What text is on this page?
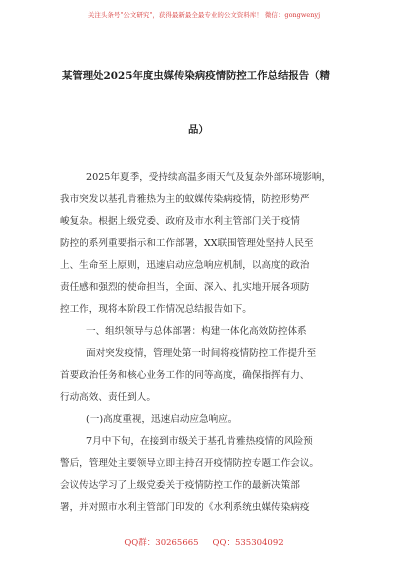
关注头条号"公文研究"，获得最新最全最专业的公文资料库！ 微信：gongwenyj
某管理处2025年度虫媒传染病疫情防控工作总结报告（精
品）
2025年夏季，受持续高温多雨天气及复杂外部环境影响，
我市突发以基孔肯雅热为主的蚊媒传染病疫情，防控形势严
峻复杂。根据上级党委、政府及市水利主管部门关于疫情
防控的系列重要指示和工作部署，XX联围管理处坚持人民至
上、生命至上原则，迅速启动应急响应机制，以高度的政治
责任感和强烈的使命担当，全面、深入、扎实地开展各项防
控工作，现将本阶段工作情况总结报告如下。
一、组织领导与总体部署：构建一体化高效防控体系
面对突发疫情，管理处第一时间将疫情防控工作提升至
首要政治任务和核心业务工作的同等高度，确保指挥有力、
行动高效、责任到人。
(一)高度重视，迅速启动应急响应。
7月中下旬，在接到市级关于基孔肯雅热疫情的风险预
警后，管理处主要领导立即主持召开疫情防控专题工作会议。
会议传达学习了上级党委关于疫情防控工作的最新决策部
署，并对照市水利主管部门印发的《水利系统虫媒传染病疫
QQ群：30265665 QQ：535304092
